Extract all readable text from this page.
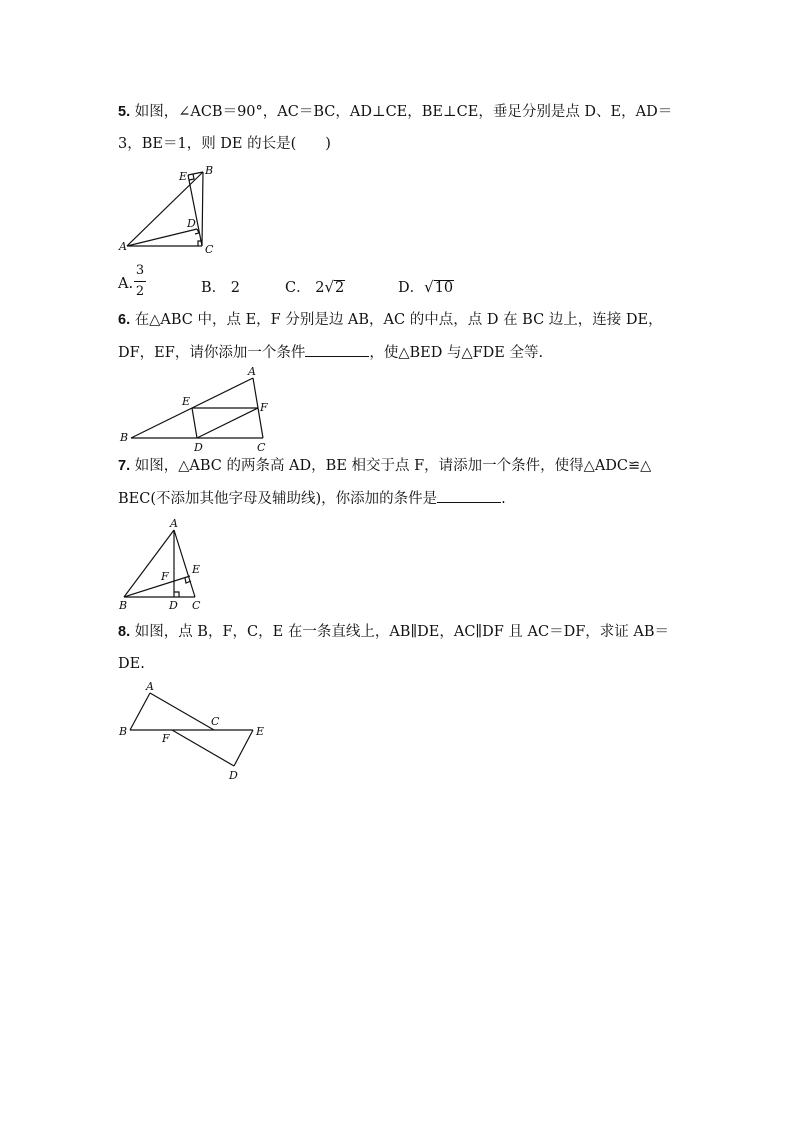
5. 如图，∠ACB＝90°，AC＝BC，AD⊥CE，BE⊥CE，垂足分别是点 D、E，AD＝
3，BE＝1，则 DE 的长是(　　)
A
B
C
D
E
A
B
C
D
E	F
A
B	C
D
E
F
A
B
C
D
E
F
A.
3
2	B． 2	C． 2√2	D．√10
6. 在△ABC 中，点 E，F 分别是边 AB，AC 的中点，点 D 在 BC 边上，连接 DE，
DF，EF，请你添加一个条件	，使△BED 与△FDE 全等.
7. 如图，△ABC 的两条高 AD，BE 相交于点 F，请添加一个条件，使得△ADC≌△
BEC(不添加其他字母及辅助线)，你添加的条件是	.
8. 如图，点 B，F，C，E 在一条直线上，AB∥DE，AC∥DF 且 AC＝DF，求证 AB＝
DE.
